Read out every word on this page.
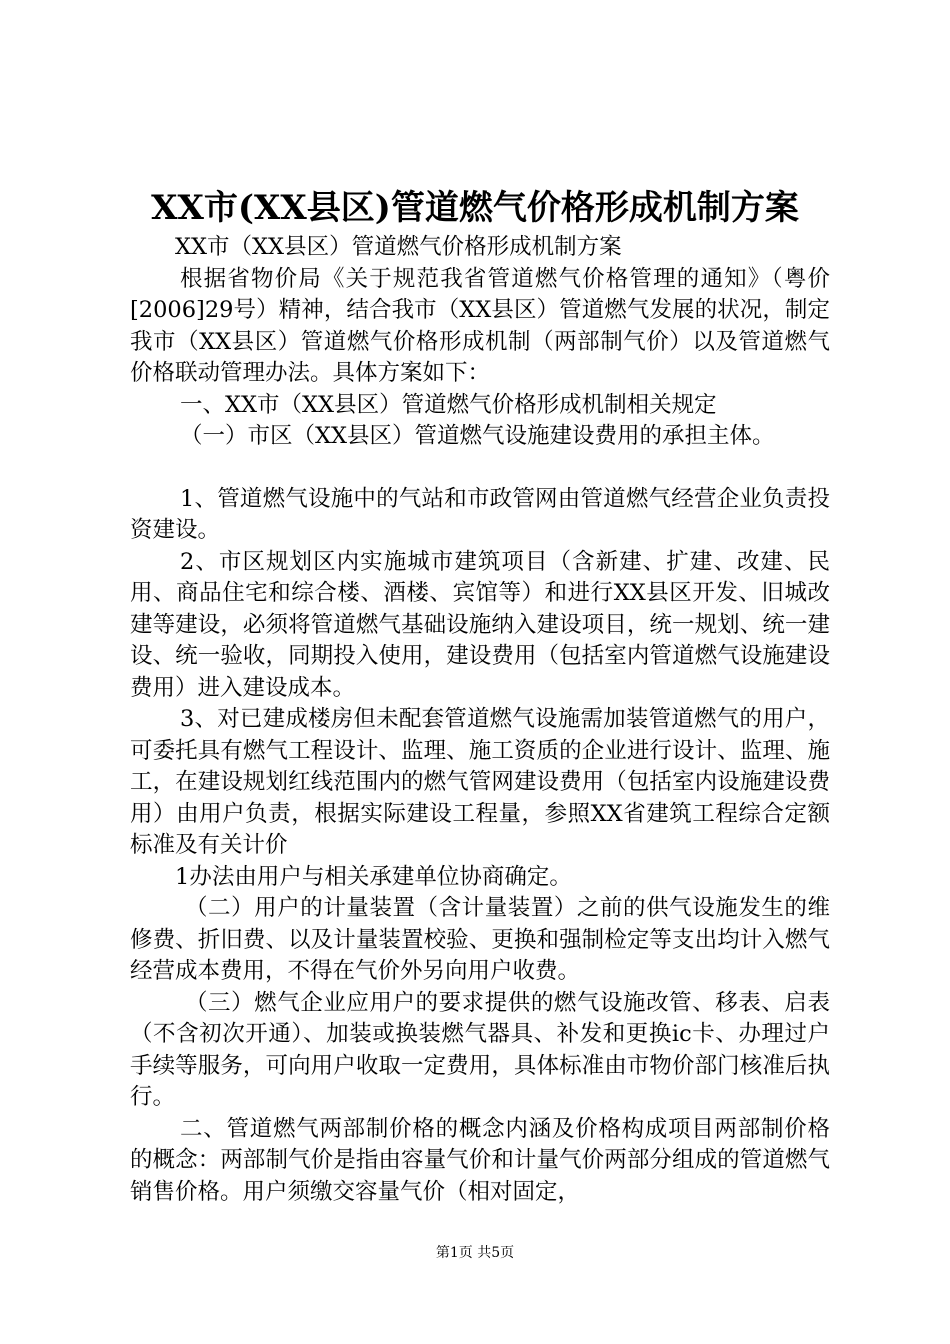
XX市(XX县区)管道燃气价格形成机制方案

XX市（XX县区）管道燃气价格形成机制方案

根据省物价局《关于规范我省管道燃气价格管理的通知》（粤价[2006]29号）精神，结合我市（XX县区）管道燃气发展的状况，制定我市（XX县区）管道燃气价格形成机制（两部制气价）以及管道燃气价格联动管理办法。具体方案如下：

一、XX市（XX县区）管道燃气价格形成机制相关规定

（一）市区（XX县区）管道燃气设施建设费用的承担主体。

1、管道燃气设施中的气站和市政管网由管道燃气经营企业负责投资建设。

2、市区规划区内实施城市建筑项目（含新建、扩建、改建、民用、商品住宅和综合楼、酒楼、宾馆等）和进行XX县区开发、旧城改建等建设，必须将管道燃气基础设施纳入建设项目，统一规划、统一建设、统一验收，同期投入使用，建设费用（包括室内管道燃气设施建设费用）进入建设成本。

3、对已建成楼房但未配套管道燃气设施需加装管道燃气的用户，可委托具有燃气工程设计、监理、施工资质的企业进行设计、监理、施工，在建设规划红线范围内的燃气管网建设费用（包括室内设施建设费用）由用户负责，根据实际建设工程量，参照XX省建筑工程综合定额标准及有关计价

1办法由用户与相关承建单位协商确定。

（二）用户的计量装置（含计量装置）之前的供气设施发生的维修费、折旧费、以及计量装置校验、更换和强制检定等支出均计入燃气经营成本费用，不得在气价外另向用户收费。

（三）燃气企业应用户的要求提供的燃气设施改管、移表、启表（不含初次开通）、加装或换装燃气器具、补发和更换ic卡、办理过户手续等服务，可向用户收取一定费用，具体标准由市物价部门核准后执行。

二、管道燃气两部制价格的概念内涵及价格构成项目两部制价格的概念：两部制气价是指由容量气价和计量气价两部分组成的管道燃气销售价格。用户须缴交容量气价（相对固定，

第1页 共5页
